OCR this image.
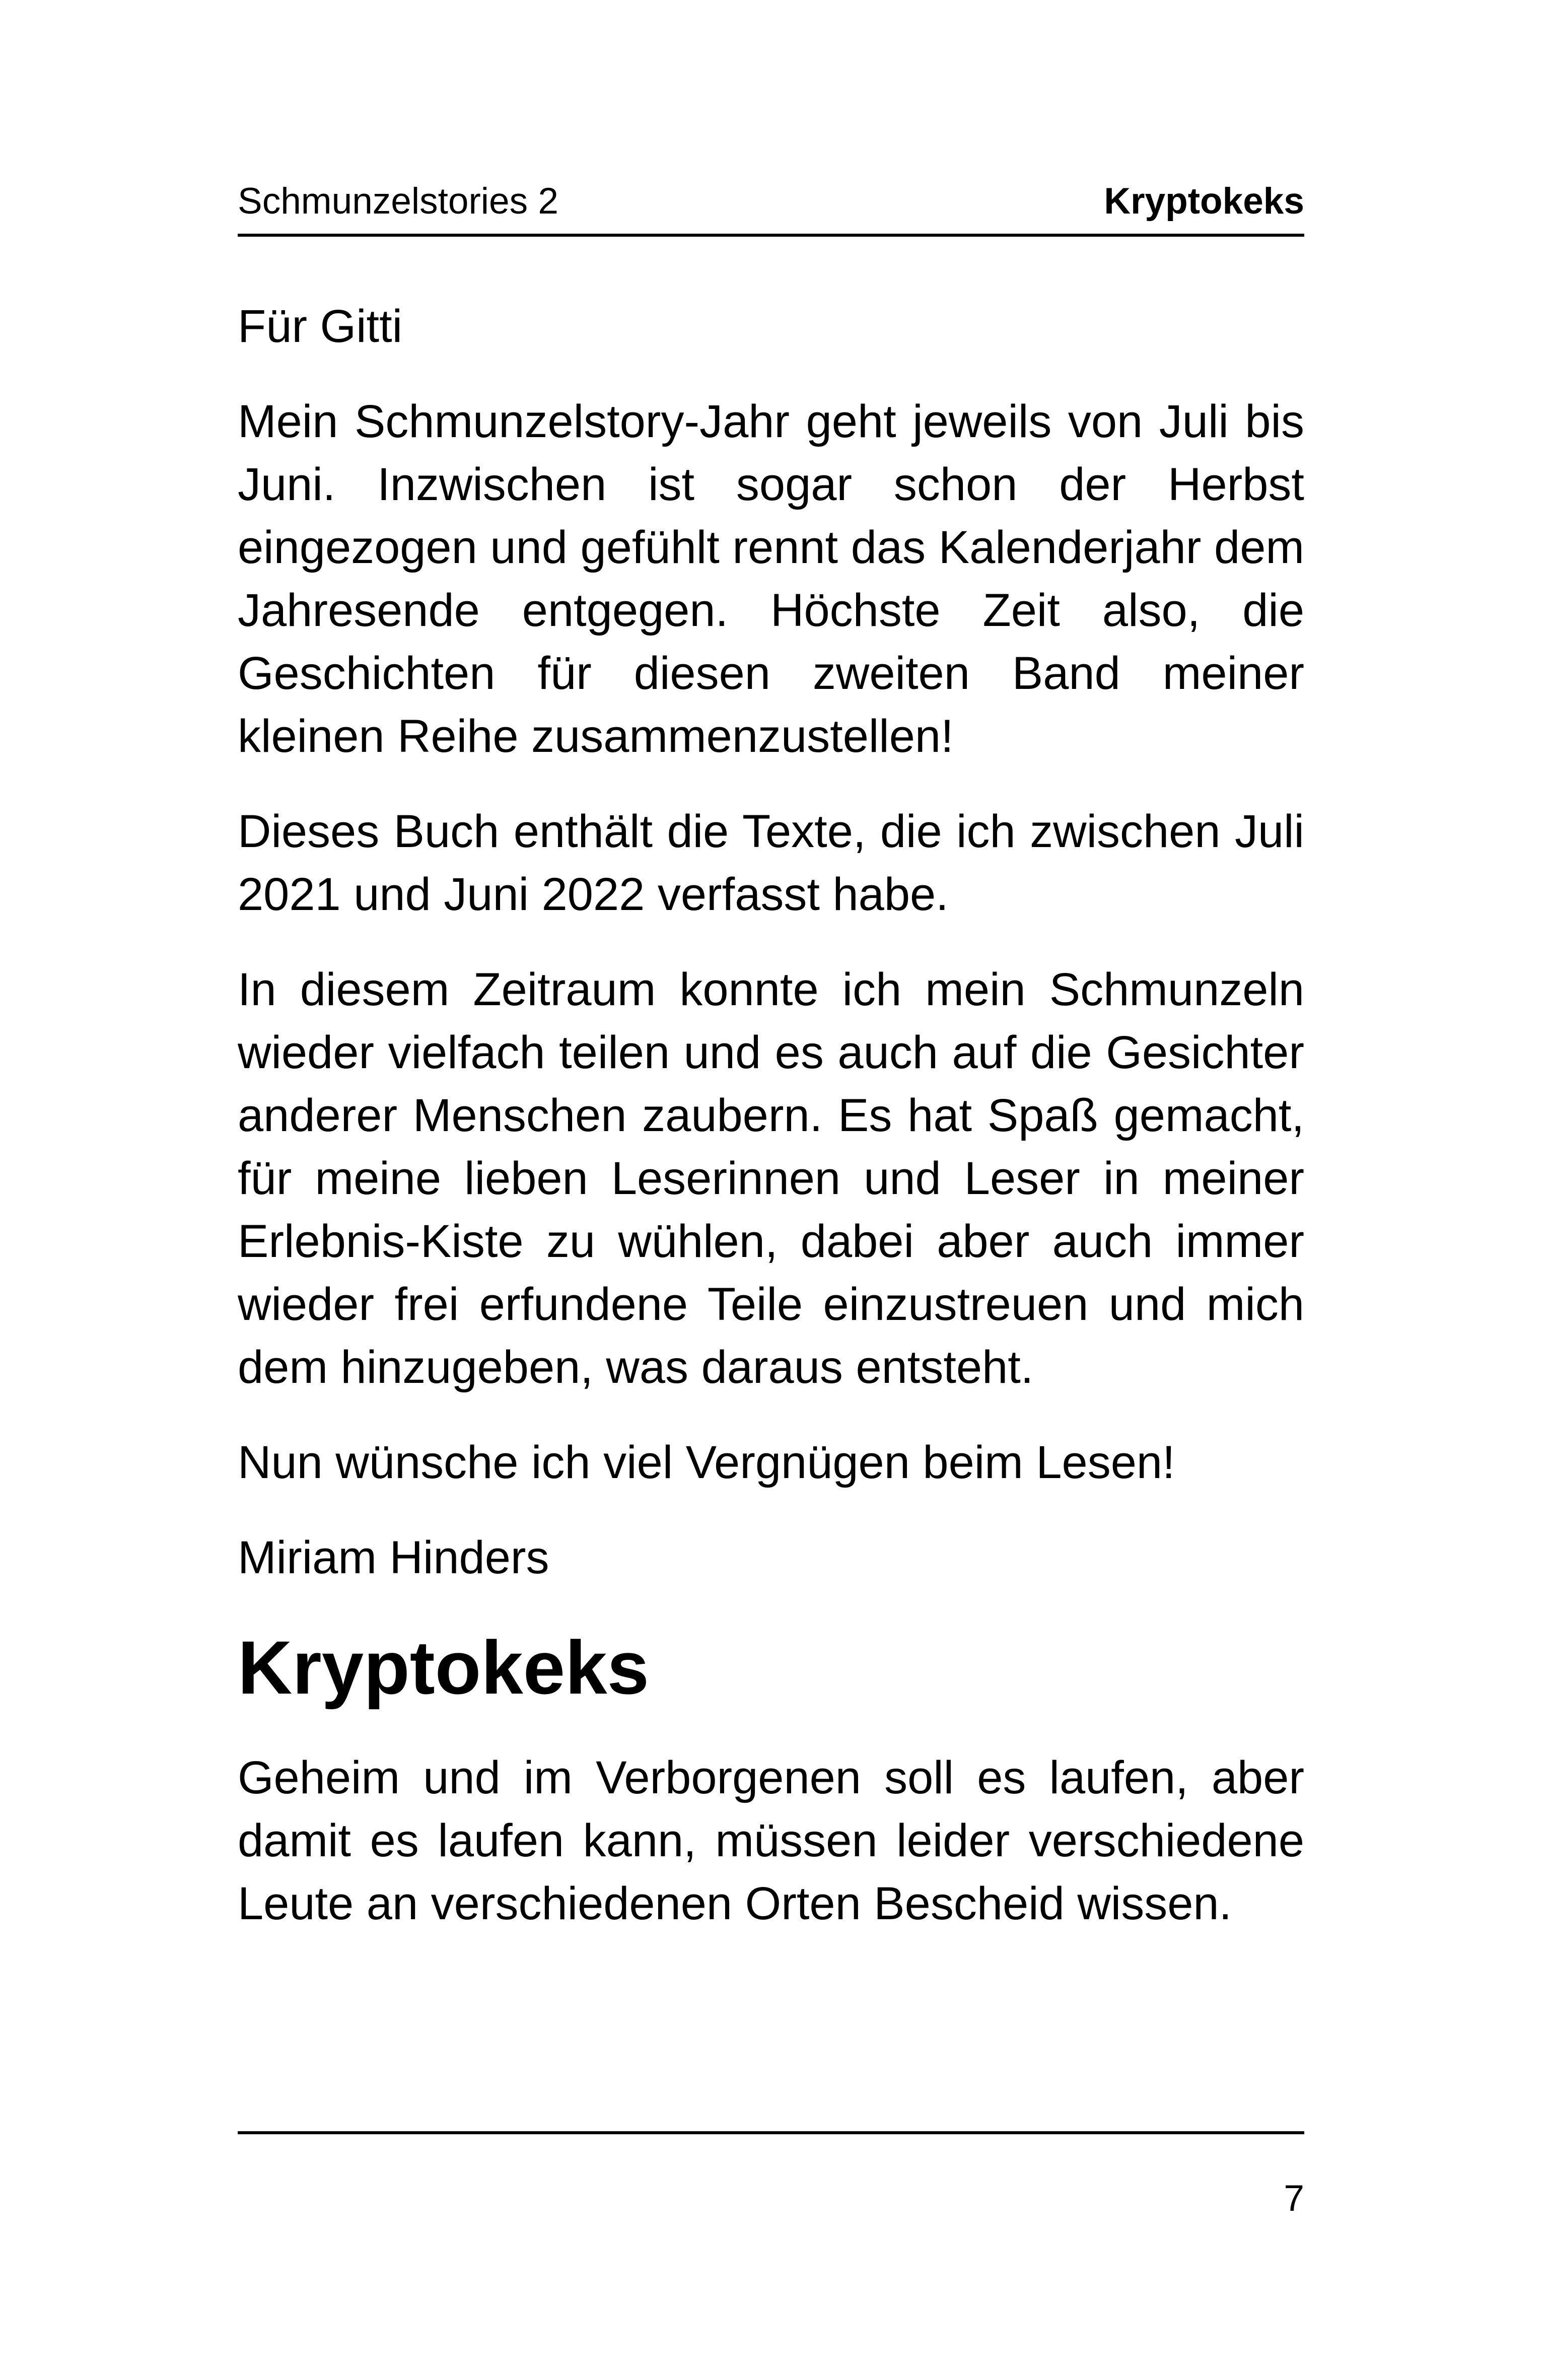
Schmunzelstories 2	Kryptokeks

Für Gitti

Mein Schmunzelstory-Jahr geht jeweils von Juli bis Juni. Inzwischen ist sogar schon der Herbst eingezogen und gefühlt rennt das Kalenderjahr dem Jahresende entgegen. Höchste Zeit also, die Geschichten für diesen zweiten Band meiner kleinen Reihe zusammenzustellen!

Dieses Buch enthält die Texte, die ich zwischen Juli 2021 und Juni 2022 verfasst habe.

In diesem Zeitraum konnte ich mein Schmunzeln wieder vielfach teilen und es auch auf die Gesichter anderer Menschen zaubern. Es hat Spaß gemacht, für meine lieben Leserinnen und Leser in meiner Erlebnis-Kiste zu wühlen, dabei aber auch immer wieder frei erfundene Teile einzustreuen und mich dem hinzugeben, was daraus entsteht.

Nun wünsche ich viel Vergnügen beim Lesen!

Miriam Hinders

Kryptokeks

Geheim und im Verborgenen soll es laufen, aber damit es laufen kann, müssen leider verschiedene Leute an verschiedenen Orten Bescheid wissen.

7
